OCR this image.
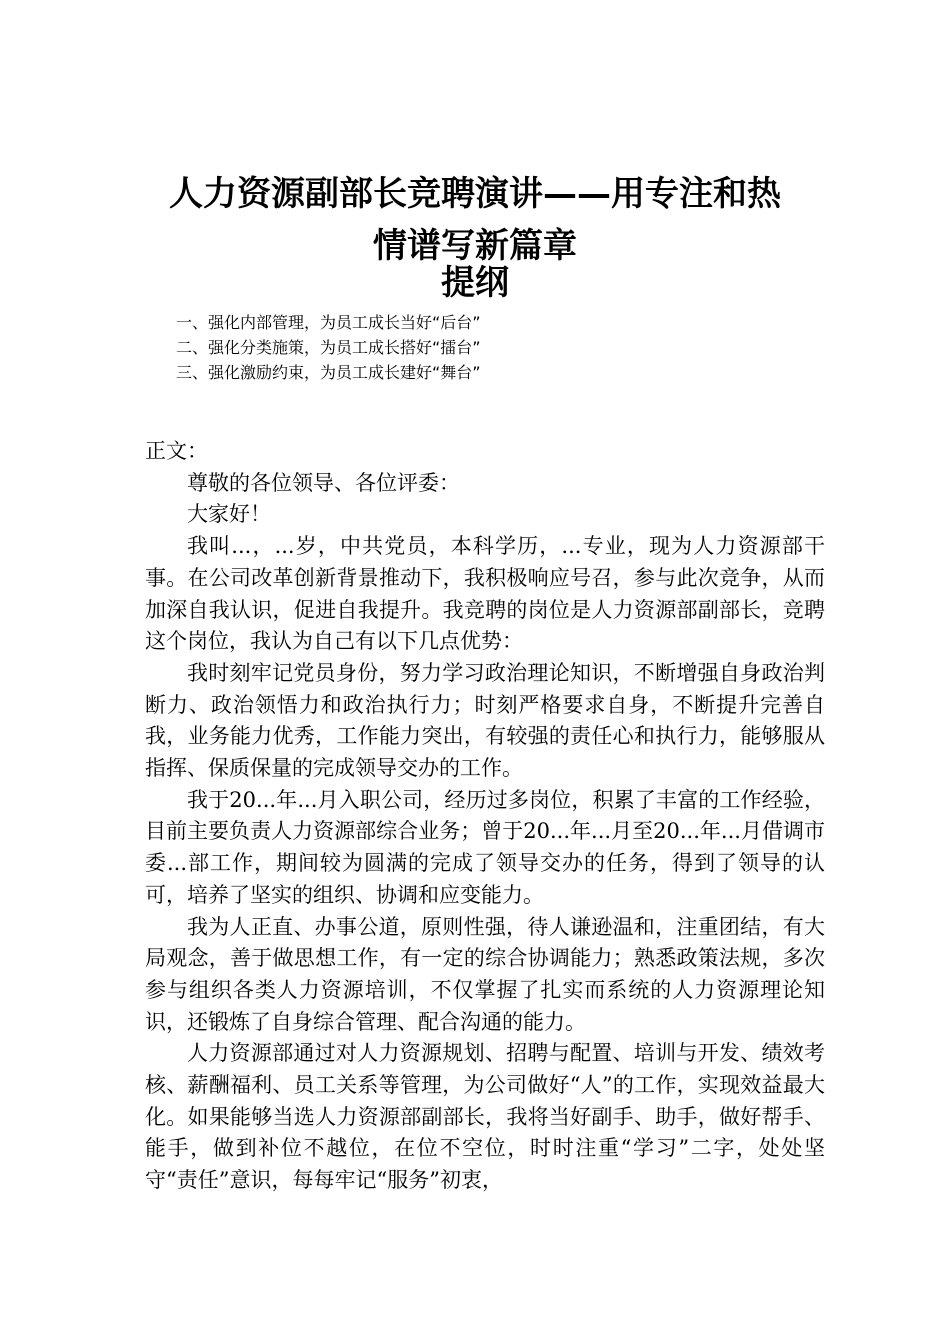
人力资源副部长竞聘演讲——用专注和热
情谱写新篇章
提纲
一、强化内部管理，为员工成长当好“后台”
二、强化分类施策，为员工成长搭好“擂台”
三、强化激励约束，为员工成长建好“舞台”

正文：

尊敬的各位领导、各位评委：

大家好！

我叫...，...岁，中共党员，本科学历，...专业，现为人力资源部干事。在公司改革创新背景推动下，我积极响应号召，参与此次竞争，从而加深自我认识，促进自我提升。我竞聘的岗位是人力资源部副部长，竞聘这个岗位，我认为自己有以下几点优势：

我时刻牢记党员身份，努力学习政治理论知识，不断增强自身政治判断力、政治领悟力和政治执行力；时刻严格要求自身，不断提升完善自我，业务能力优秀，工作能力突出，有较强的责任心和执行力，能够服从指挥、保质保量的完成领导交办的工作。

我于20...年...月入职公司，经历过多岗位，积累了丰富的工作经验，目前主要负责人力资源部综合业务；曾于20...年...月至20...年...月借调市委...部工作，期间较为圆满的完成了领导交办的任务，得到了领导的认可，培养了坚实的组织、协调和应变能力。

我为人正直、办事公道，原则性强，待人谦逊温和，注重团结，有大局观念，善于做思想工作，有一定的综合协调能力；熟悉政策法规，多次参与组织各类人力资源培训，不仅掌握了扎实而系统的人力资源理论知识，还锻炼了自身综合管理、配合沟通的能力。

人力资源部通过对人力资源规划、招聘与配置、培训与开发、绩效考核、薪酬福利、员工关系等管理，为公司做好“人”的工作，实现效益最大化。如果能够当选人力资源部副部长，我将当好副手、助手，做好帮手、能手，做到补位不越位，在位不空位，时时注重“学习”二字，处处坚守“责任”意识，每每牢记“服务”初衷，
